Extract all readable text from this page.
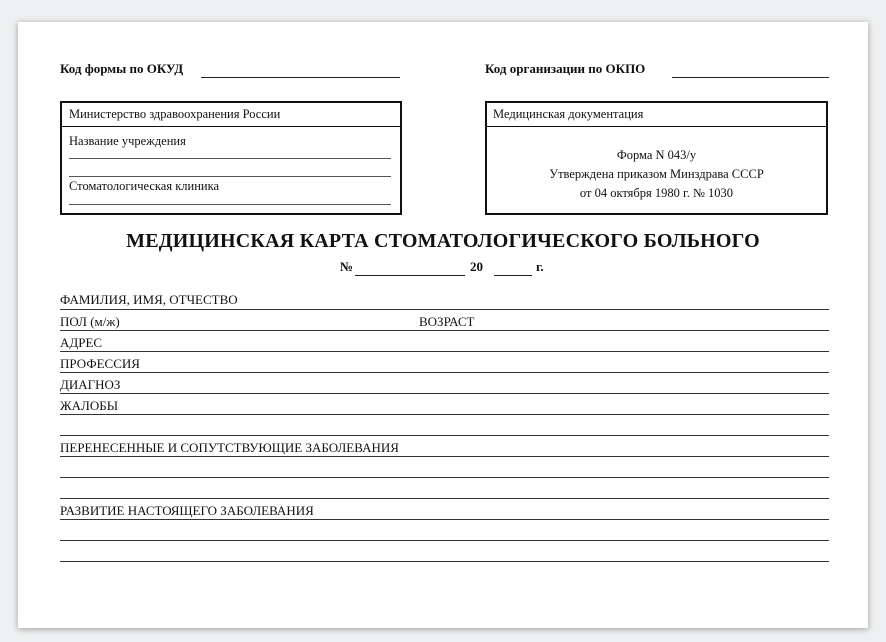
Код формы по ОКУД	Код организации по ОКПО
Министерство здравоохранения России
Название учреждения
Стоматологическая клиника
Медицинская документация
Форма N 043/у
Утверждена приказом Минздрава СССР
от 04 октября 1980 г. № 1030
МЕДИЦИНСКАЯ КАРТА СТОМАТОЛОГИЧЕСКОГО БОЛЬНОГО
№	20	г.
ФАМИЛИЯ, ИМЯ, ОТЧЕСТВО
ПОЛ (м/ж)	ВОЗРАСТ
АДРЕС
ПРОФЕССИЯ
ДИАГНОЗ
ЖАЛОБЫ
ПЕРЕНЕСЕННЫЕ И СОПУТСТВУЮЩИЕ ЗАБОЛЕВАНИЯ
РАЗВИТИЕ НАСТОЯЩЕГО ЗАБОЛЕВАНИЯ
